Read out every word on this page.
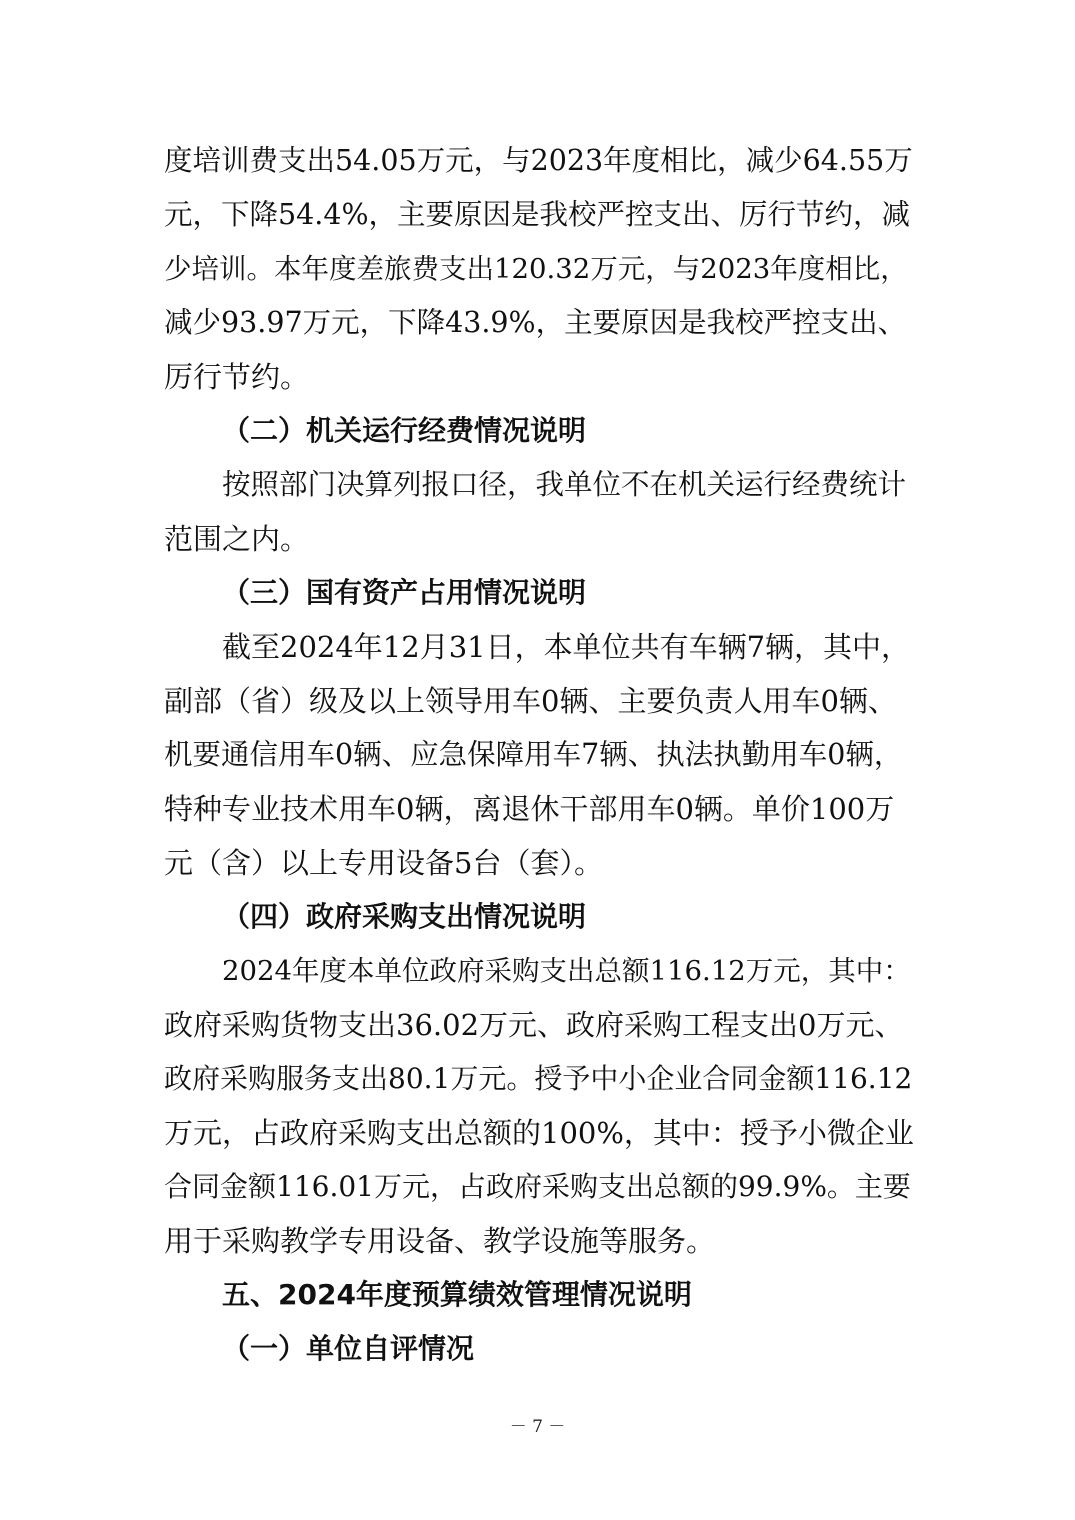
度培训费支出54.05万元，与2023年度相比，减少64.55万
元，下降54.4%，主要原因是我校严控支出、厉行节约，减
少培训。本年度差旅费支出120.32万元，与2023年度相比，
减少93.97万元，下降43.9%，主要原因是我校严控支出、
厉行节约。
（二）机关运行经费情况说明
按照部门决算列报口径，我单位不在机关运行经费统计
范围之内。
（三）国有资产占用情况说明
截至2024年12月31日，本单位共有车辆7辆，其中，
副部（省）级及以上领导用车0辆、主要负责人用车0辆、
机要通信用车0辆、应急保障用车7辆、执法执勤用车0辆，
特种专业技术用车0辆，离退休干部用车0辆。单价100万
元（含）以上专用设备5台（套）。
（四）政府采购支出情况说明
2024年度本单位政府采购支出总额116.12万元，其中：
政府采购货物支出36.02万元、政府采购工程支出0万元、
政府采购服务支出80.1万元。授予中小企业合同金额116.12
万元，占政府采购支出总额的100%，其中：授予小微企业
合同金额116.01万元，占政府采购支出总额的99.9%。主要
用于采购教学专用设备、教学设施等服务。
五、2024年度预算绩效管理情况说明
（一）单位自评情况
－ 7 －
